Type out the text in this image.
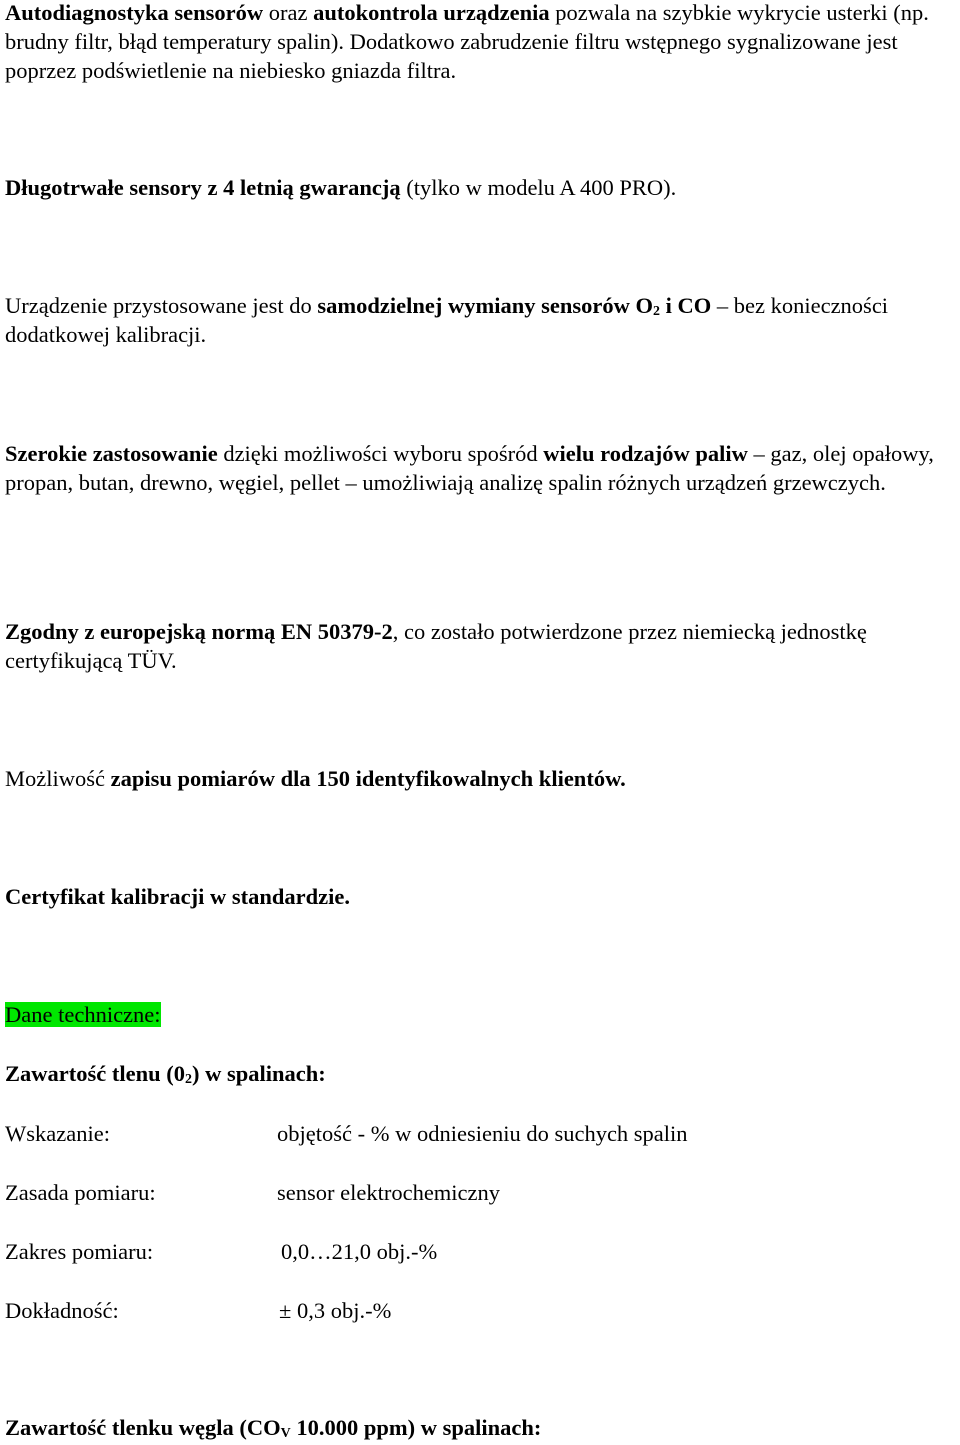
Autodiagnostyka sensorów oraz autokontrola urządzenia pozwala na szybkie wykrycie usterki (np. brudny filtr, błąd temperatury spalin). Dodatkowo zabrudzenie filtru wstępnego sygnalizowane jest poprzez podświetlenie na niebiesko gniazda filtra.

Długotrwałe sensory z 4 letnią gwarancją (tylko w modelu A 400 PRO).

Urządzenie przystosowane jest do samodzielnej wymiany sensorów $O_2$ i CO – bez konieczności dodatkowej kalibracji.

Szerokie zastosowanie dzięki możliwości wyboru spośród wielu rodzajów paliw – gaz, olej opałowy, propan, butan, drewno, węgiel, pellet – umożliwiają analizę spalin różnych urządzeń grzewczych.

Zgodny z europejską normą EN 50379-2, co zostało potwierdzone przez niemiecką jednostkę certyfikującą TÜV.

Możliwość zapisu pomiarów dla 150 identyfikowalnych klientów.

Certyfikat kalibracji w standardzie.

Dane techniczne:

Zawartość tlenu $(0_2)$ w spalinach:

Wskazanie:	objętość - % w odniesieniu do suchych spalin
Zasada pomiaru:	sensor elektrochemiczny
Zakres pomiaru:	0,0…21,0 obj.-%
Dokładność:	± 0,3 obj.-%

Zawartość tlenku węgla ($CO_V$ 10.000 ppm) w spalinach:
